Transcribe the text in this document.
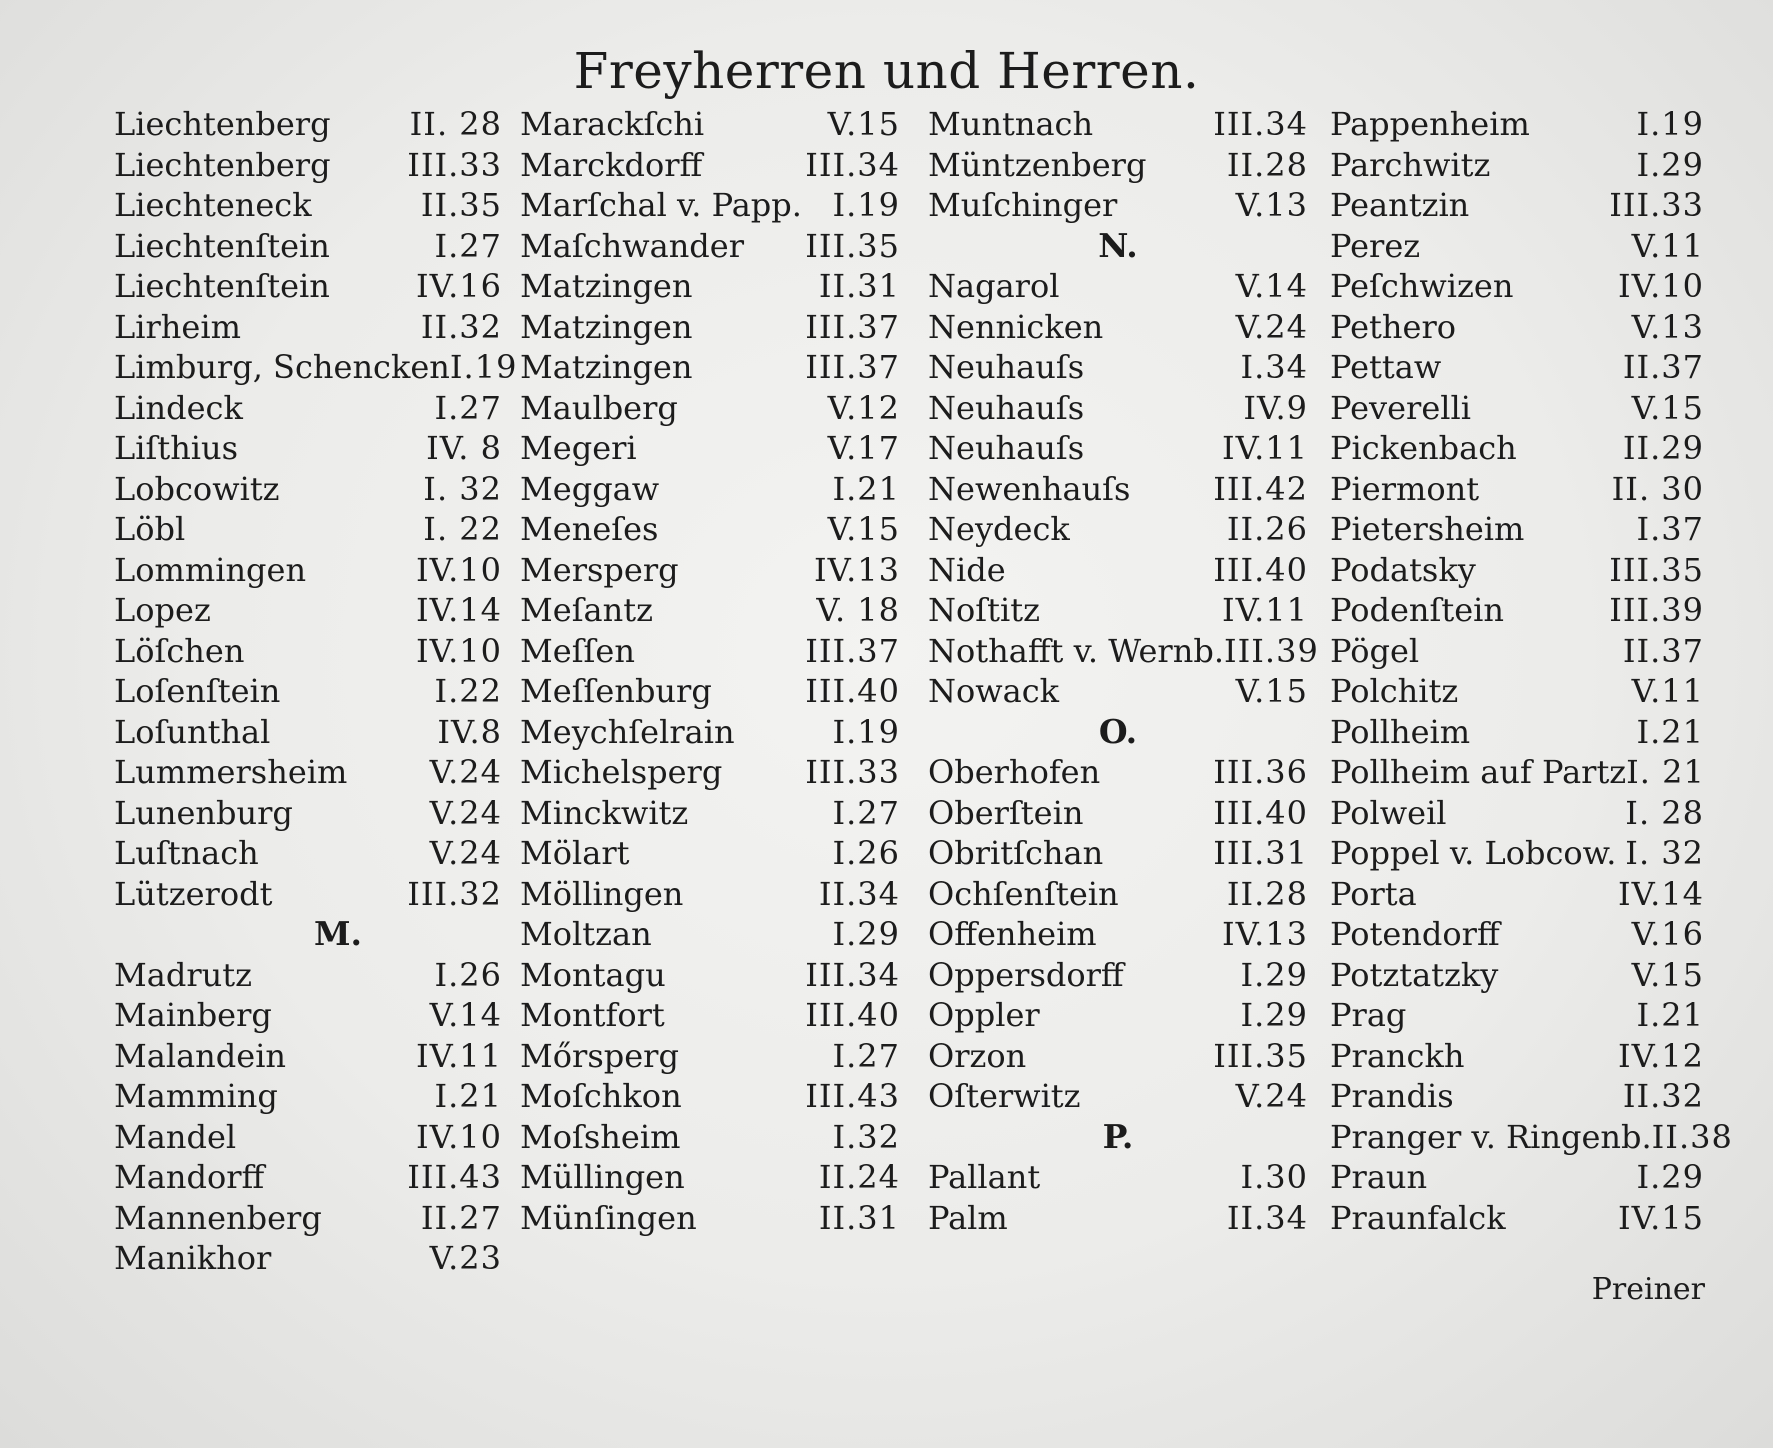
Freyherren und Herren.
Liechtenberg II. 28
Liechtenberg III.33
Liechteneck	II.35
Liechtenſtein	I.27
Liechtenſtein	IV.16
Lirheim	II.32
Limburg, Schencken I.19
Lindeck	I.27
Liſthius	IV. 8
Lobcowitz	I. 32
Löbl	I. 22
Lommingen	IV.10
Lopez	IV.14
Löſchen	IV.10
Loſenſtein	I.22
Loſunthal	IV.8
Lummersheim	V.24
Lunenburg	V.24
Luſtnach	V.24
Lützerodt	III.32
M.
Madrutz	I.26
Mainberg	V.14
Malandein	IV.11
Mamming	I.21
Mandel	IV.10
Mandorff	III.43
Mannenberg	II.27
Manikhor	V.23
Marackſchi	V.15
Marckdorff	III.34
Marſchal v. Papp. I.19
Maſchwander III.35
Matzingen	II.31
Matzingen	III.37
Matzingen	III.37
Maulberg	V.12
Megeri	V.17
Meggaw	I.21
Meneſes	V.15
Mersperg	IV.13
Meſantz	V. 18
Meſſen	III.37
Meſſenburg	III.40
Meychſelrain	I.19
Michelsperg	III.33
Minckwitz	I.27
Mölart	I.26
Möllingen	II.34
Moltzan	I.29
Montagu	III.34
Montfort	III.40
Mőrsperg	I.27
Moſchkon	III.43
Moſsheim	I.32
Müllingen	II.24
Münſingen	II.31
Muntnach	III.34
Müntzenberg	II.28
Muſchinger	V.13
N.
Nagarol	V.14
Nennicken	V.24
Neuhauſs	I.34
Neuhauſs	IV.9
Neuhauſs	IV.11
Newenhauſs	III.42
Neydeck	II.26
Nide	III.40
Noſtitz	IV.11
Nothafft v. Wernb. III.39
Nowack	V.15
O.
Oberhofen	III.36
Oberſtein	III.40
Obritſchan	III.31
Ochſenſtein	II.28
Offenheim	IV.13
Oppersdorff	I.29
Oppler	I.29
Orzon	III.35
Oſterwitz	V.24
P.
Pallant	I.30
Palm	II.34
Pappenheim	I.19
Parchwitz	I.29
Peantzin	III.33
Perez	V.11
Peſchwizen	IV.10
Pethero	V.13
Pettaw	II.37
Peverelli	V.15
Pickenbach	II.29
Piermont	II. 30
Pietersheim	I.37
Podatsky	III.35
Podenſtein	III.39
Pögel	II.37
Polchitz	V.11
Pollheim	I.21
Pollheim auf Partz I. 21
Polweil	I. 28
Poppel v. Lobcow. I. 32
Porta	IV.14
Potendorff	V.16
Potztatzky	V.15
Prag	I.21
Pranckh	IV.12
Prandis	II.32
Pranger v. Ringenb. II.38
Praun	I.29
Praunfalck	IV.15
Preiner
